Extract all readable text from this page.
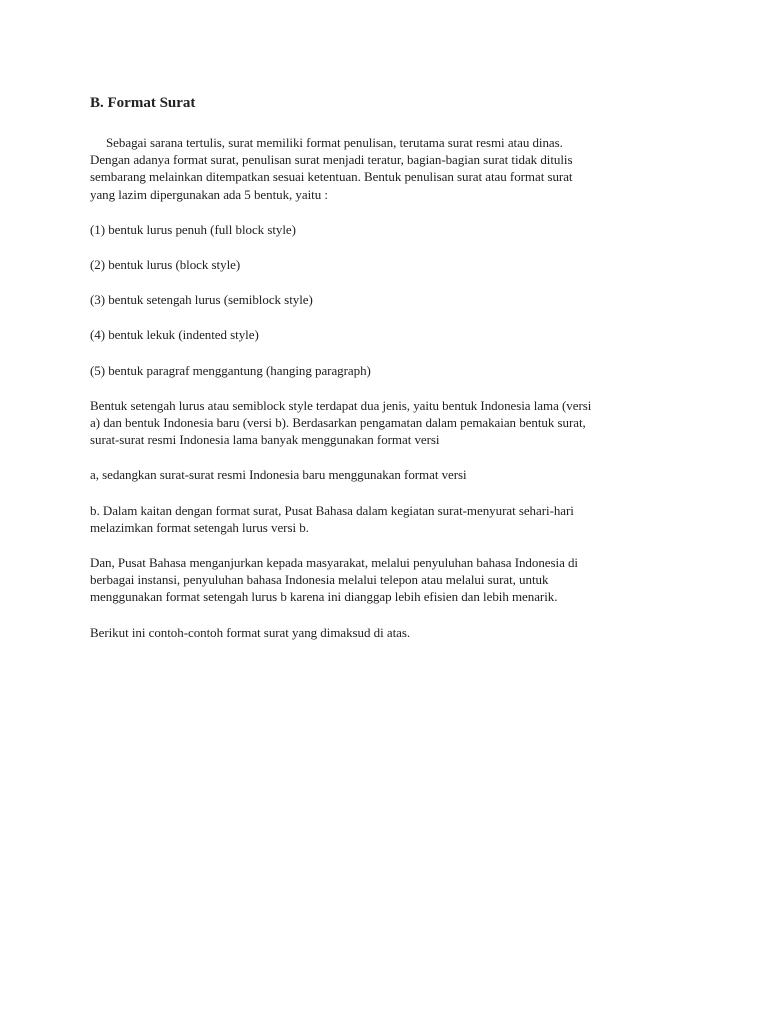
B. Format Surat
Sebagai sarana tertulis, surat memiliki format penulisan, terutama surat resmi atau dinas.
Dengan adanya format surat, penulisan surat menjadi teratur, bagian-bagian surat tidak ditulis
sembarang melainkan ditempatkan sesuai ketentuan. Bentuk penulisan surat atau format surat
yang lazim dipergunakan ada 5 bentuk, yaitu :
(1) bentuk lurus penuh (full block style)
(2) bentuk lurus (block style)
(3) bentuk setengah lurus (semiblock style)
(4) bentuk lekuk (indented style)
(5) bentuk paragraf menggantung (hanging paragraph)
Bentuk setengah lurus atau semiblock style terdapat dua jenis, yaitu bentuk Indonesia lama (versi
a) dan bentuk Indonesia baru (versi b). Berdasarkan pengamatan dalam pemakaian bentuk surat,
surat-surat resmi Indonesia lama banyak menggunakan format versi
a, sedangkan surat-surat resmi Indonesia baru menggunakan format versi
b. Dalam kaitan dengan format surat, Pusat Bahasa dalam kegiatan surat-menyurat sehari-hari
melazimkan format setengah lurus versi b.
Dan, Pusat Bahasa menganjurkan kepada masyarakat, melalui penyuluhan bahasa Indonesia di
berbagai instansi, penyuluhan bahasa Indonesia melalui telepon atau melalui surat, untuk
menggunakan format setengah lurus b karena ini dianggap lebih efisien dan lebih menarik.
Berikut ini contoh-contoh format surat yang dimaksud di atas.
